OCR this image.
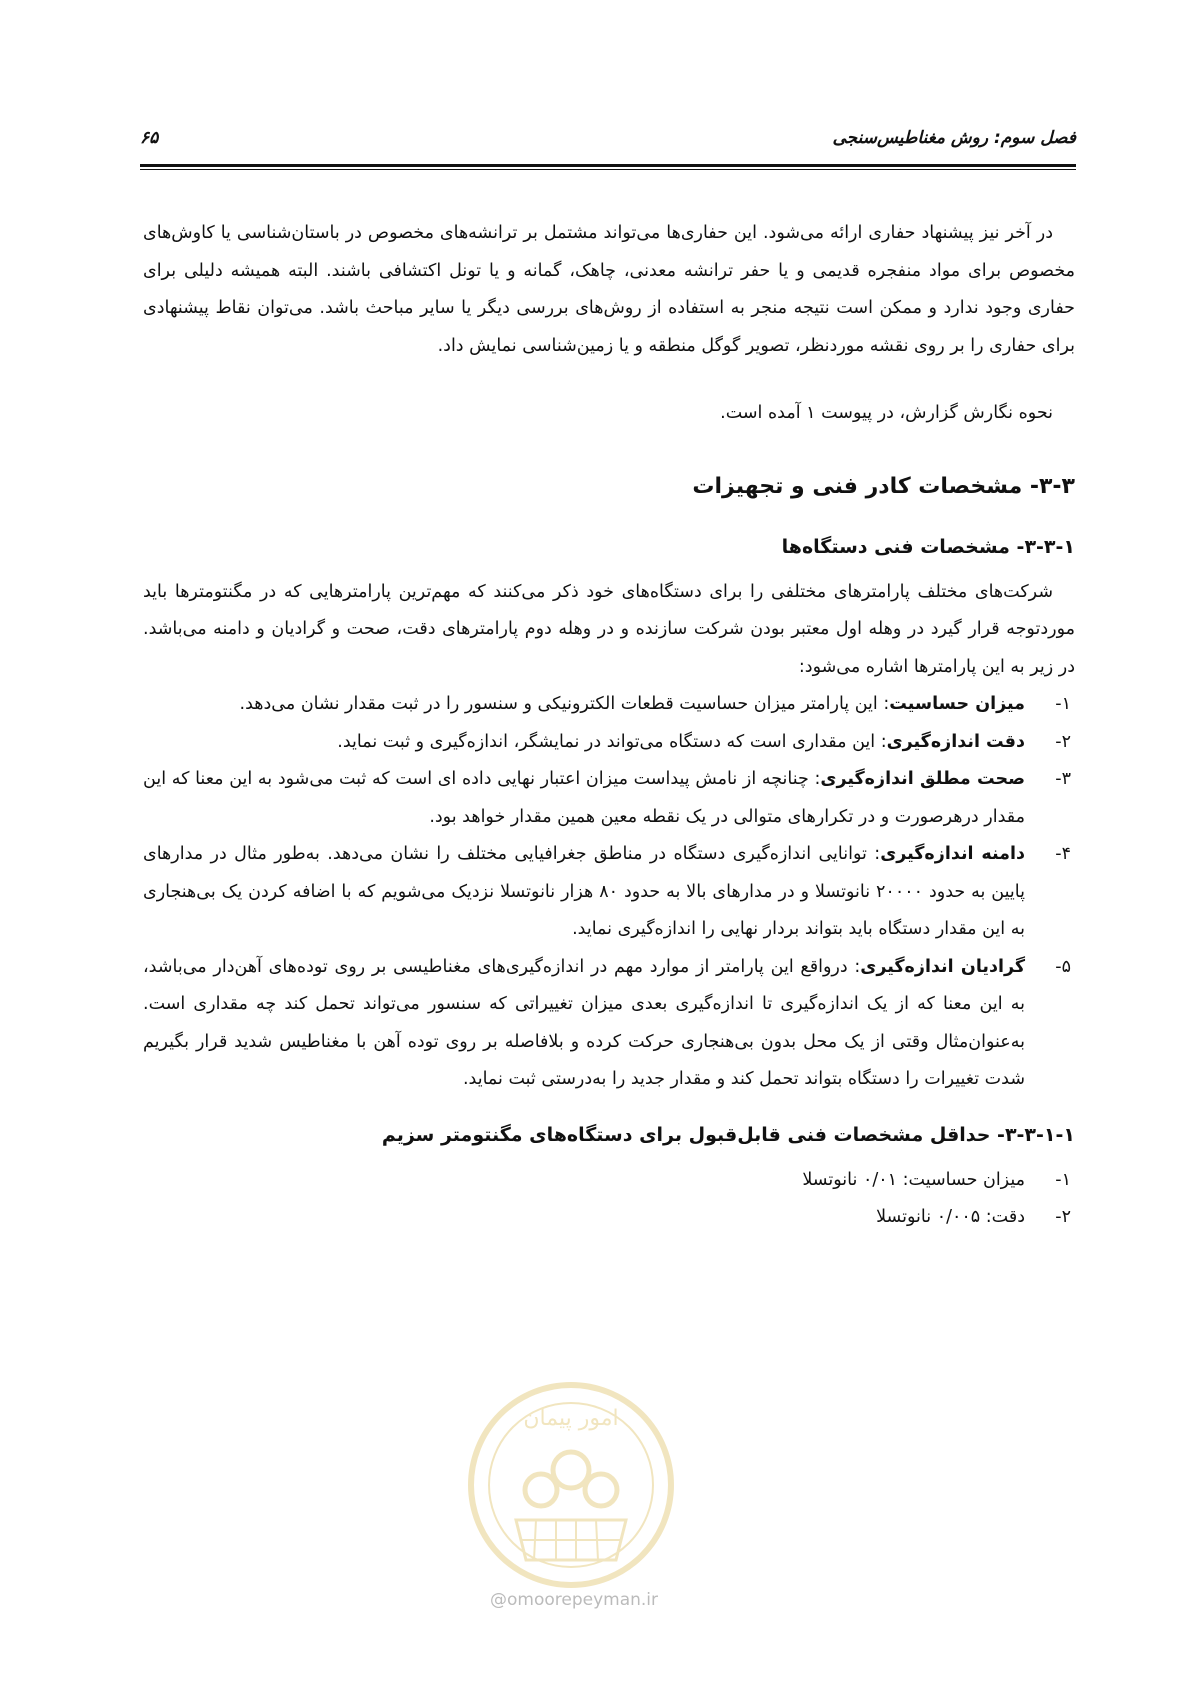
فصل سوم: روش مغناطیس‌سنجی
۶۵

در آخر نیز پیشنهاد حفاری ارائه می‌شود. این حفاری‌ها می‌تواند مشتمل بر ترانشه‌های مخصوص در باستان‌شناسی یا کاوش‌های مخصوص برای مواد منفجره قدیمی و یا حفر ترانشه معدنی، چاهک، گمانه و یا تونل اکتشافی باشند. البته همیشه دلیلی برای حفاری وجود ندارد و ممکن است نتیجه منجر به استفاده از روش‌های بررسی دیگر یا سایر مباحث باشد. می‌توان نقاط پیشنهادی برای حفاری را بر روی نقشه موردنظر، تصویر گوگل منطقه و یا زمین‌شناسی نمایش داد.

نحوه نگارش گزارش، در پیوست ۱ آمده است.

۳-۳- مشخصات کادر فنی و تجهیزات
۳-۳-۱- مشخصات فنی دستگاه‌ها

شرکت‌های مختلف پارامترهای مختلفی را برای دستگاه‌های خود ذکر می‌کنند که مهم‌ترین پارامترهایی که در مگنتومترها باید موردتوجه قرار گیرد در وهله اول معتبر بودن شرکت سازنده و در وهله دوم پارامترهای دقت، صحت و گرادیان و دامنه می‌باشد. در زیر به این پارامترها اشاره می‌شود:

۱-
میزان حساسیت: این پارامتر میزان حساسیت قطعات الکترونیکی و سنسور را در ثبت مقدار نشان می‌دهد.
۲-
دقت اندازه‌گیری: این مقداری است که دستگاه می‌تواند در نمایشگر، اندازه‌گیری و ثبت نماید.
۳-
صحت مطلق اندازه‌گیری: چنانچه از نامش پیداست میزان اعتبار نهایی داده ای است که ثبت می‌شود به این معنا که این مقدار درهرصورت و در تکرارهای متوالی در یک نقطه معین همین مقدار خواهد بود.
۴-
دامنه اندازه‌گیری: توانایی اندازه‌گیری دستگاه در مناطق جغرافیایی مختلف را نشان می‌دهد. به‌طور مثال در مدارهای پایین به حدود ۲۰۰۰۰ نانوتسلا و در مدارهای بالا به حدود ۸۰ هزار نانوتسلا نزدیک می‌شویم که با اضافه کردن یک بی‌هنجاری به این مقدار دستگاه باید بتواند بردار نهایی را اندازه‌گیری نماید.
۵-
گرادیان اندازه‌گیری: درواقع این پارامتر از موارد مهم در اندازه‌گیری‌های مغناطیسی بر روی توده‌های آهن‌دار می‌باشد، به این معنا که از یک اندازه‌گیری تا اندازه‌گیری بعدی میزان تغییراتی که سنسور می‌تواند تحمل کند چه مقداری است. به‌عنوان‌مثال وقتی از یک محل بدون بی‌هنجاری حرکت کرده و بلافاصله بر روی توده آهن با مغناطیس شدید قرار بگیریم شدت تغییرات را دستگاه بتواند تحمل کند و مقدار جدید را به‌درستی ثبت نماید.
۳-۳-۱-۱- حداقل مشخصات فنی قابل‌قبول برای دستگاه‌های مگنتومتر سزیم
۱-
میزان حساسیت: ۰/۰۱ نانوتسلا
۲-
دقت: ۰/۰۰۵ نانوتسلا
امور پیمان
@omoorepeyman.ir
